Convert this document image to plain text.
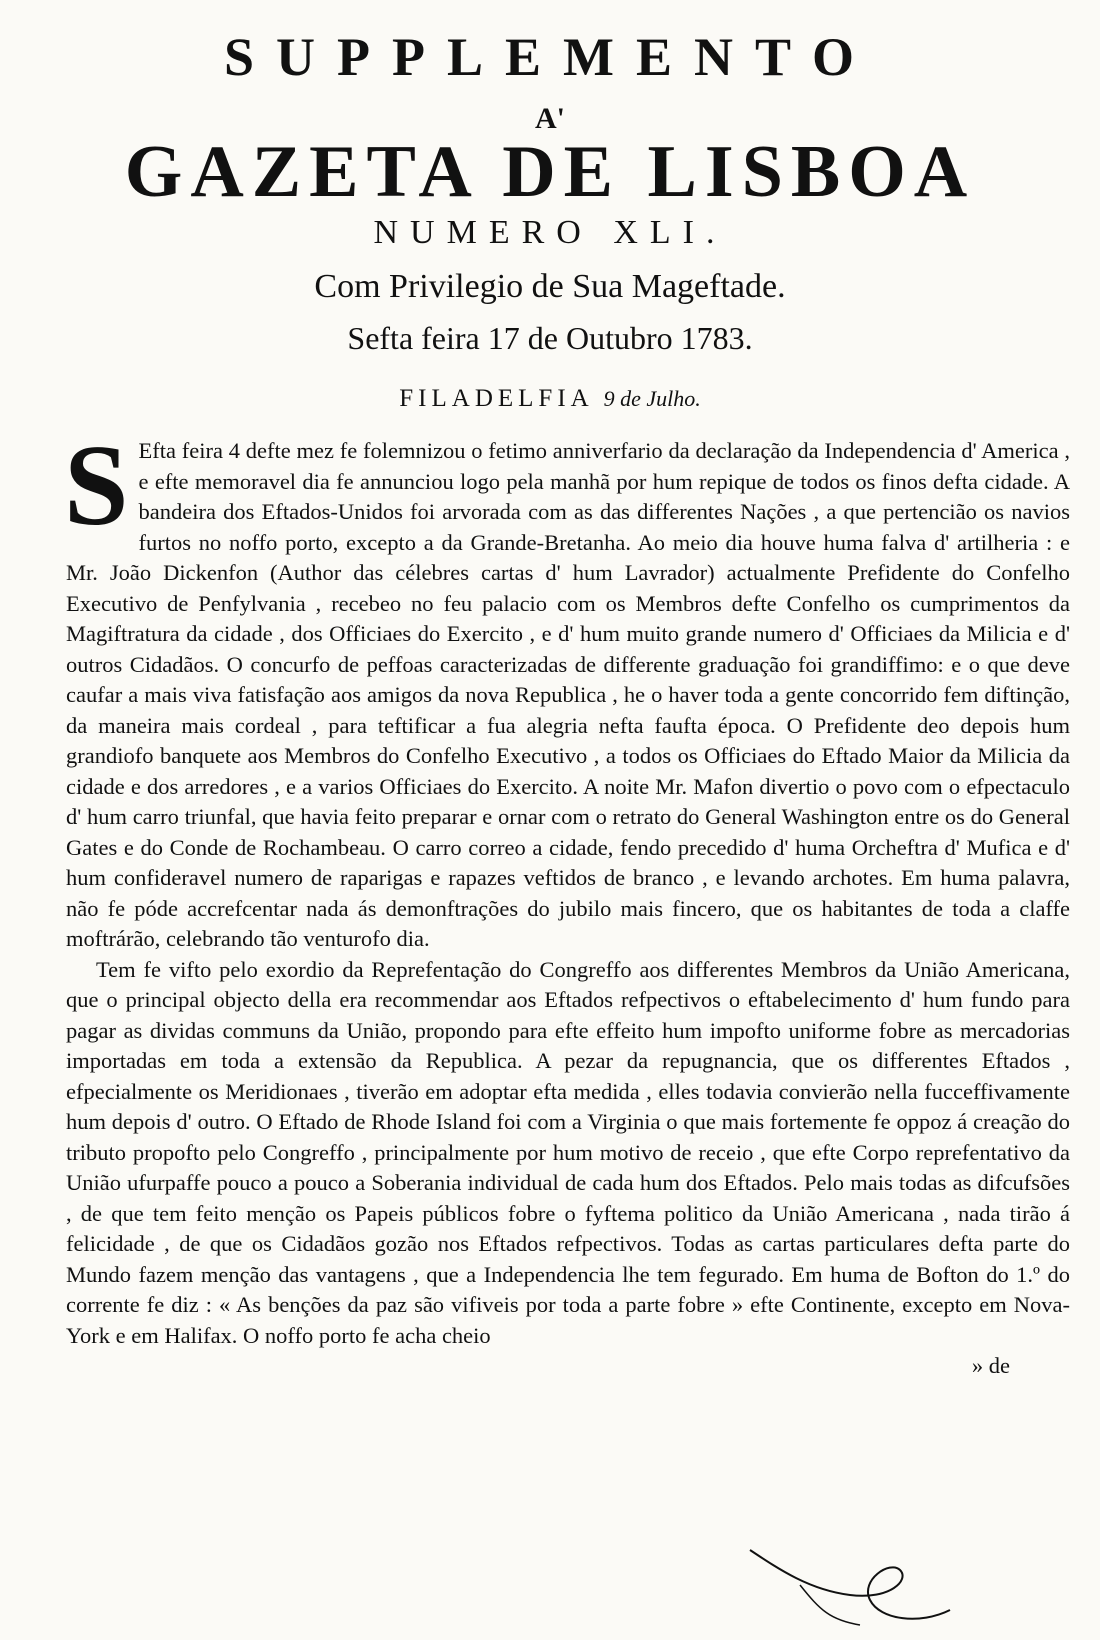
SUPPLEMENTO
A'
GAZETA DE LISBOA
NUMERO XLI.
Com Privilegio de Sua Mageftade.
Sefta feira 17 de Outubro 1783.
FILADELFIA 9 de Julho.

S Efta feira 4 defte mez fe folemnizou o fetimo anniverfario da declaração da Independencia d' America , e efte memoravel dia fe annunciou logo pela manhã por hum repique de todos os finos defta cidade. A bandeira dos Eftados-Unidos foi arvorada com as das differentes Nações , a que pertencião os navios furtos no noffo porto, excepto a da Grande-Bretanha. Ao meio dia houve huma falva d' artilheria : e Mr. João Dickenfon (Author das célebres cartas d' hum Lavrador) actualmente Prefidente do Confelho Executivo de Penfylvania , recebeo no feu palacio com os Membros defte Confelho os cumprimentos da Magiftratura da cidade , dos Officiaes do Exercito , e d' hum muito grande numero d' Officiaes da Milicia e d' outros Cidadãos. O concurfo de peffoas caracterizadas de differente graduação foi grandiffimo: e o que deve caufar a mais viva fatisfação aos amigos da nova Republica , he o haver toda a gente concorrido fem diftinção, da maneira mais cordeal , para teftificar a fua alegria nefta faufta época. O Prefidente deo depois hum grandiofo banquete aos Membros do Confelho Executivo , a todos os Officiaes do Eftado Maior da Milicia da cidade e dos arredores , e a varios Officiaes do Exercito. A noite Mr. Mafon divertio o povo com o efpectaculo d' hum carro triunfal, que havia feito preparar e ornar com o retrato do General Washington entre os do General Gates e do Conde de Rochambeau. O carro correo a cidade, fendo precedido d' huma Orcheftra d' Mufica e d' hum confideravel numero de raparigas e rapazes veftidos de branco , e levando archotes. Em huma palavra, não fe póde accrefcentar nada ás demonftrações do jubilo mais fincero, que os habitantes de toda a claffe moftrárão, celebrando tão venturofo dia.

Tem fe vifto pelo exordio da Reprefentação do Congreffo aos differentes Membros da União Americana, que o principal objecto della era recommendar aos Eftados refpectivos o eftabelecimento d' hum fundo para pagar as dividas communs da União, propondo para efte effeito hum impofto uniforme fobre as mercadorias importadas em toda a extensão da Republica. A pezar da repugnancia, que os differentes Eftados , efpecialmente os Meridionaes , tiverão em adoptar efta medida , elles todavia convierão nella fucceffivamente hum depois d' outro. O Eftado de Rhode Island foi com a Virginia o que mais fortemente fe oppoz á creação do tributo propofto pelo Congreffo , principalmente por hum motivo de receio , que efte Corpo reprefentativo da União ufurpaffe pouco a pouco a Soberania individual de cada hum dos Eftados. Pelo mais todas as difcufsões , de que tem feito menção os Papeis públicos fobre o fyftema politico da União Americana , nada tirão á felicidade , de que os Cidadãos gozão nos Eftados refpectivos. Todas as cartas particulares defta parte do Mundo fazem menção das vantagens , que a Independencia lhe tem fegurado. Em huma de Bofton do 1.º do corrente fe diz : « As benções da paz são vifiveis por toda a parte fobre » efte Continente, excepto em Nova-York e em Halifax. O noffo porto fe acha cheio

» de
